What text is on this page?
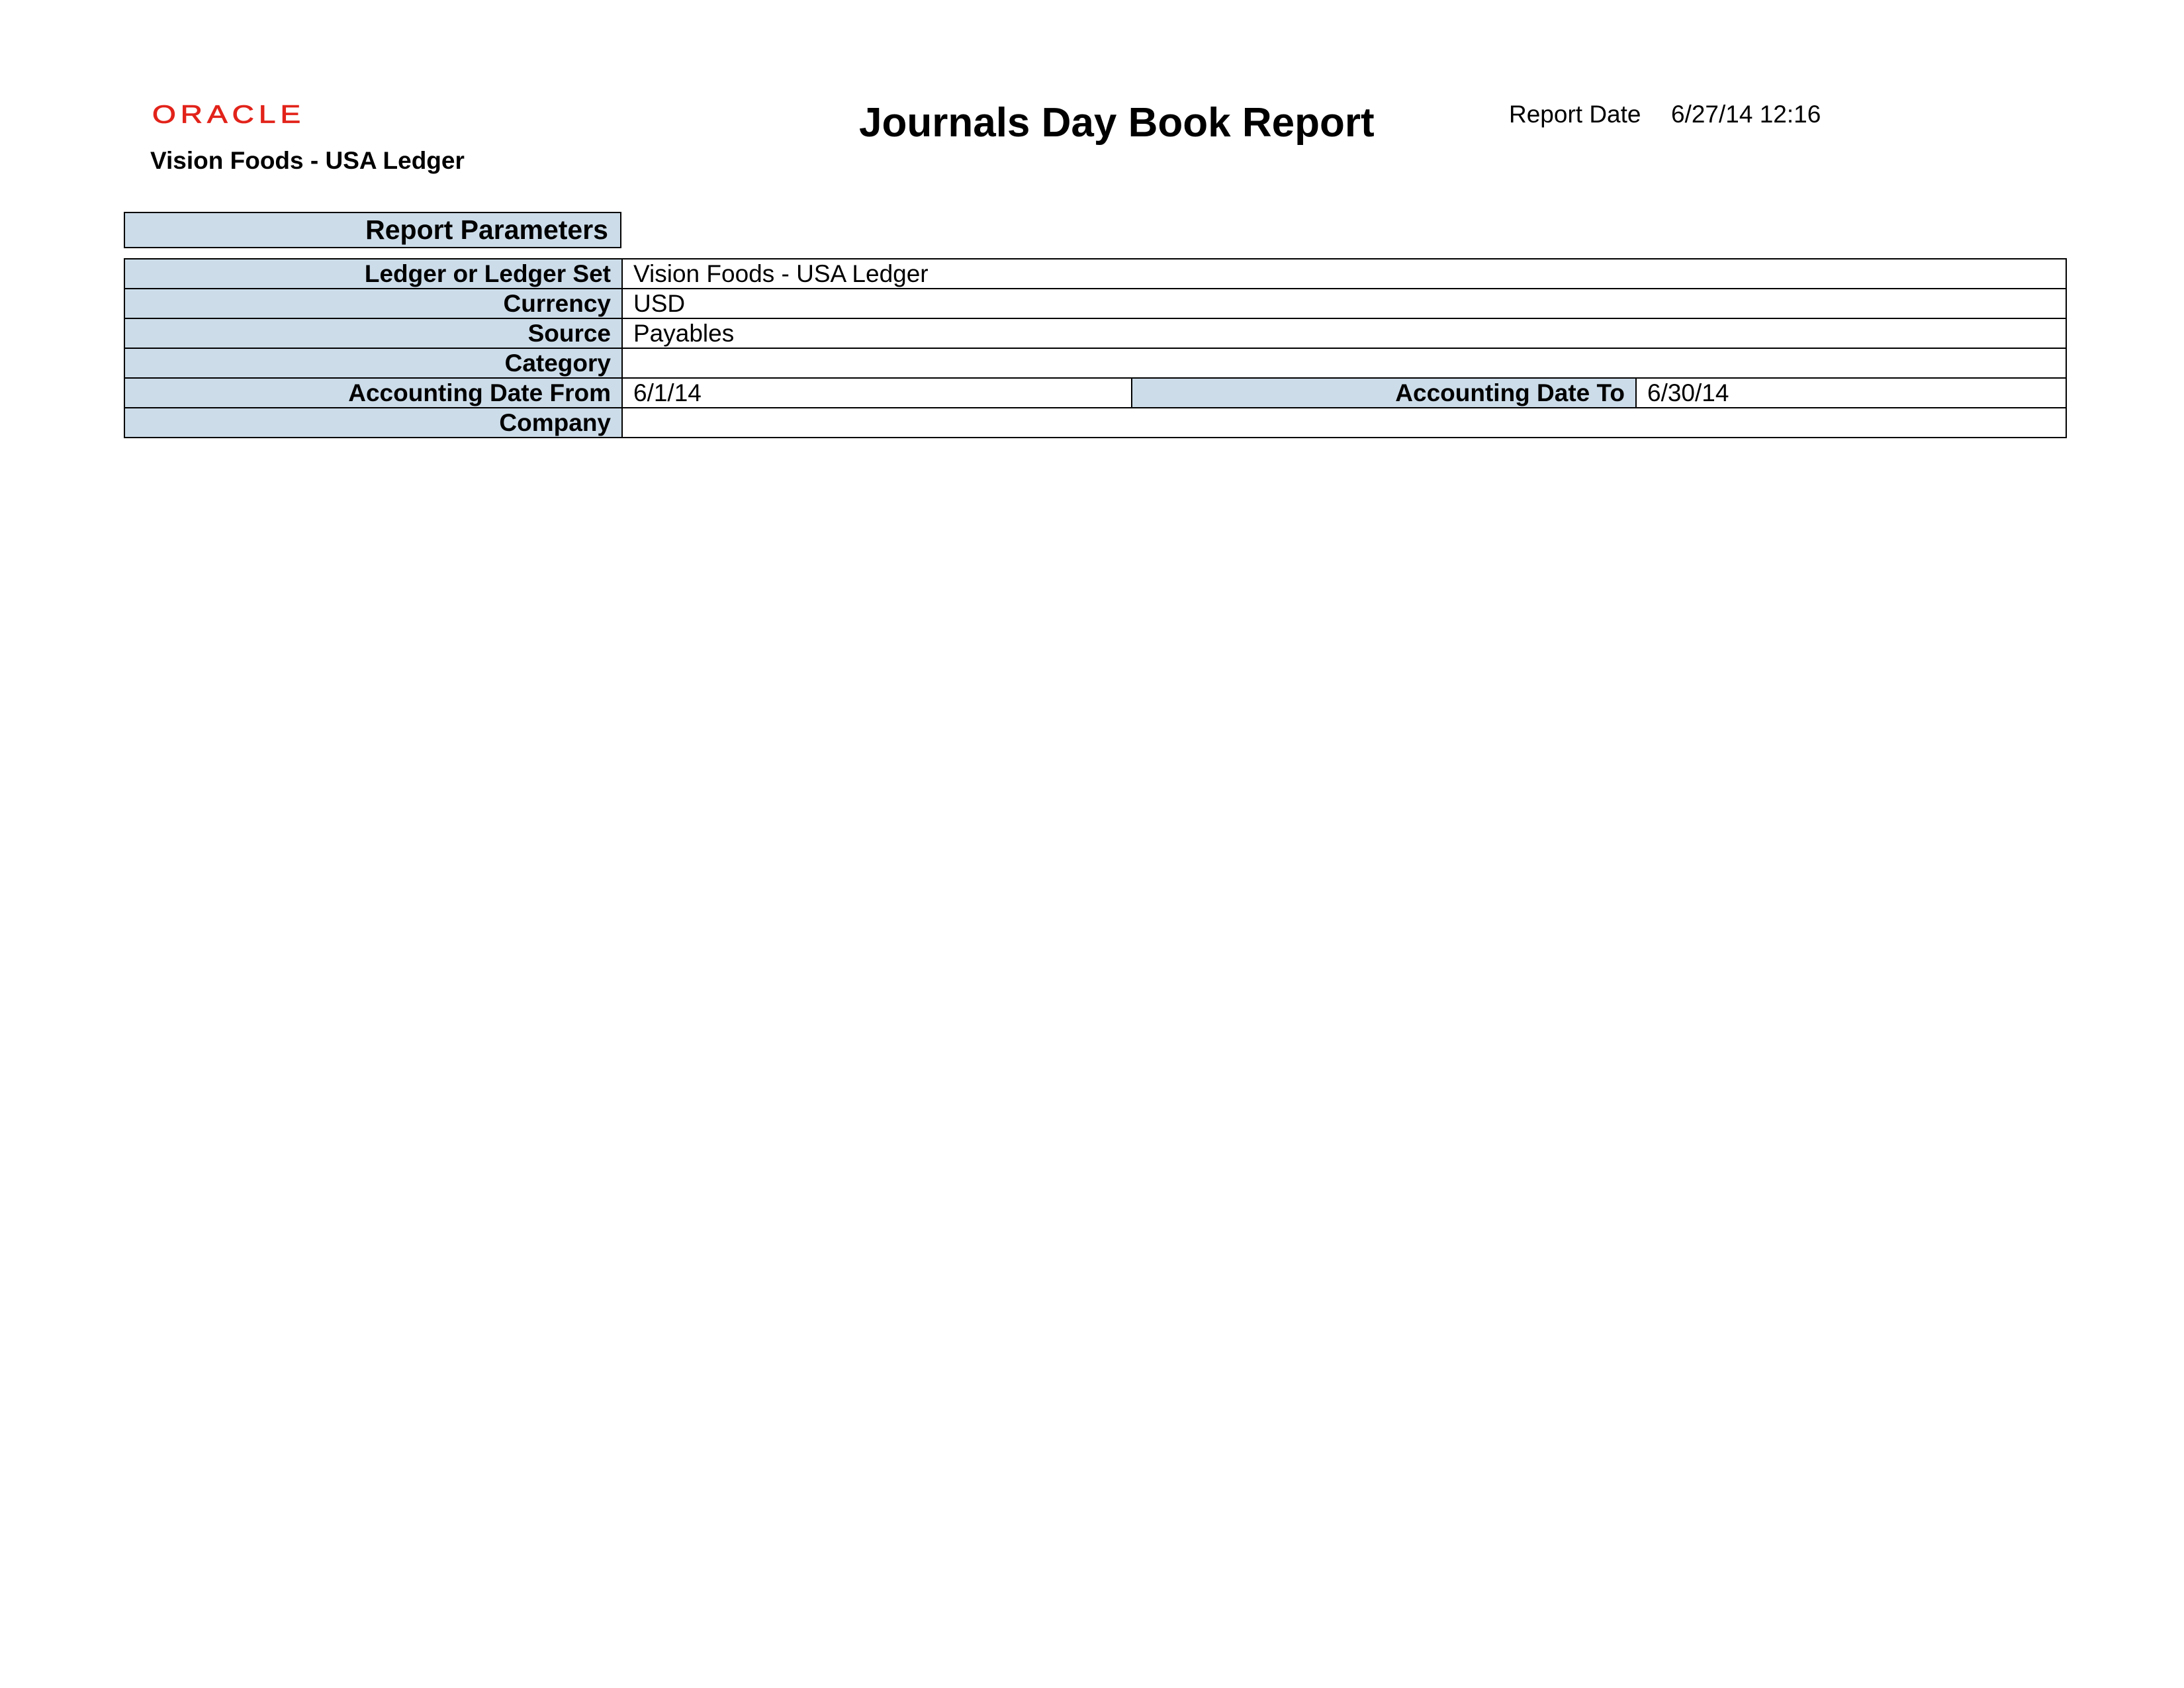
ORACLE
Vision Foods - USA Ledger
Journals Day Book Report	Report Date 6/27/14 12:16
Report Parameters
Ledger or Ledger Set	Vision Foods - USA Ledger		
Currency	USD		
Source	Payables		
Category			
Accounting Date From	6/1/14	Accounting Date To	6/30/14
Company			
